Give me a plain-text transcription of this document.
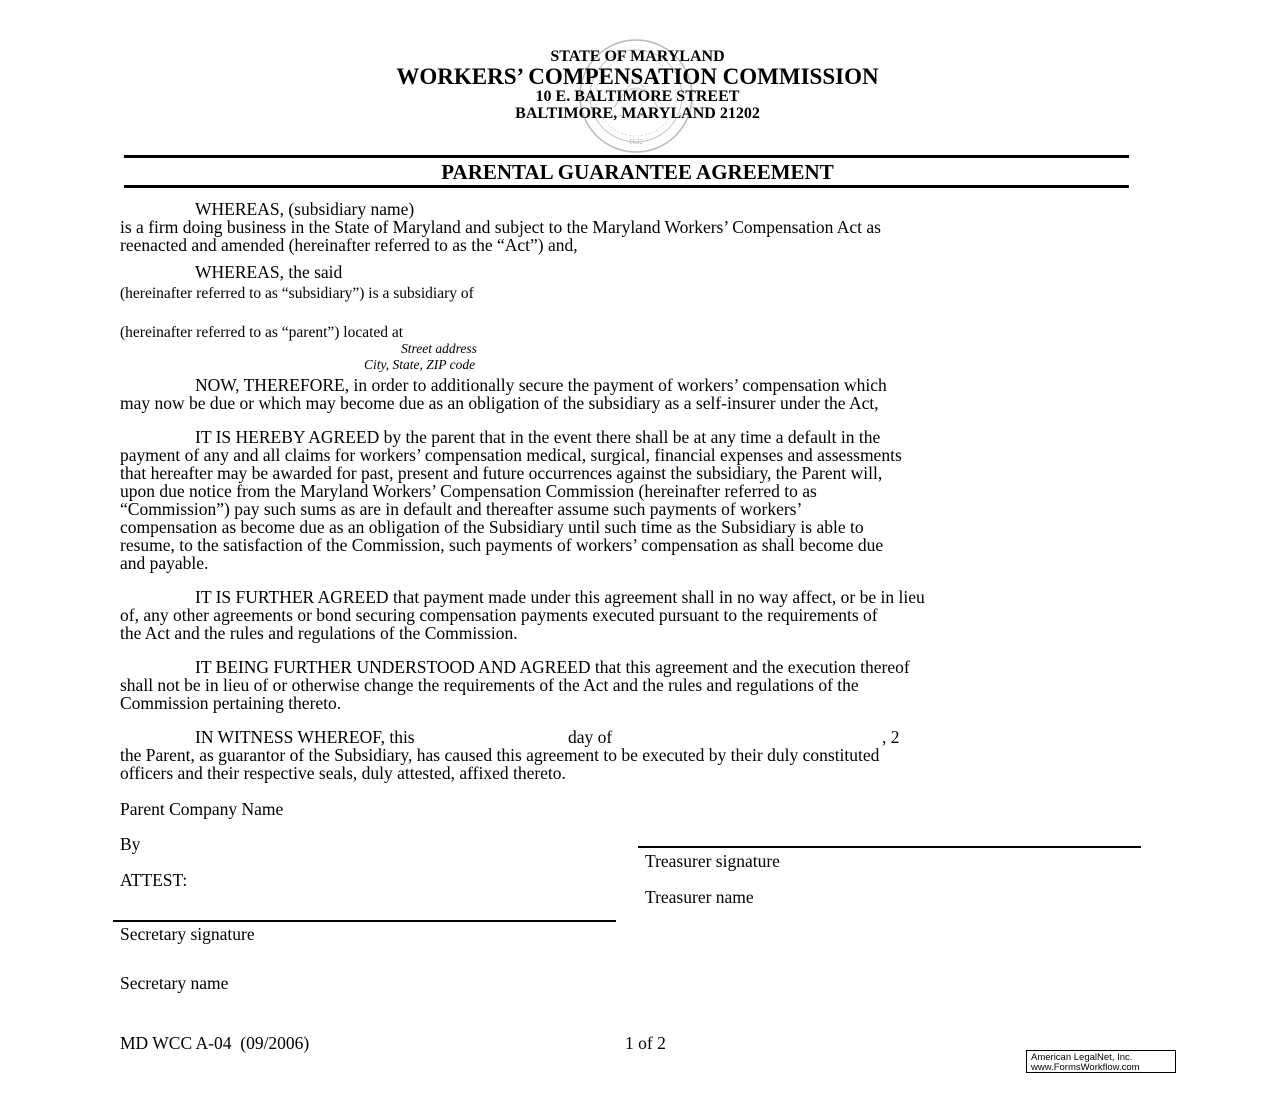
1632
STATE OF MARYLAND
WORKERS’ COMPENSATION COMMISSION
10 E. BALTIMORE STREET
BALTIMORE, MARYLAND 21202
PARENTAL GUARANTEE AGREEMENT
WHEREAS, (subsidiary name)
is a firm doing business in the State of Maryland and subject to the Maryland Workers’ Compensation Act as
reenacted and amended (hereinafter referred to as the “Act”) and,
WHEREAS, the said
(hereinafter referred to as “subsidiary”) is a subsidiary of
(hereinafter referred to as “parent”) located at
Street address
City, State, ZIP code
NOW, THEREFORE, in order to additionally secure the payment of workers’ compensation which
may now be due or which may become due as an obligation of the subsidiary as a self-insurer under the Act,
IT IS HEREBY AGREED by the parent that in the event there shall be at any time a default in the
payment of any and all claims for workers’ compensation medical, surgical, financial expenses and assessments
that hereafter may be awarded for past, present and future occurrences against the subsidiary, the Parent will,
upon due notice from the Maryland Workers’ Compensation Commission (hereinafter referred to as
“Commission”) pay such sums as are in default and thereafter assume such payments of workers’
compensation as become due as an obligation of the Subsidiary until such time as the Subsidiary is able to
resume, to the satisfaction of the Commission, such payments of workers’ compensation as shall become due
and payable.
IT IS FURTHER AGREED that payment made under this agreement shall in no way affect, or be in lieu
of, any other agreements or bond securing compensation payments executed pursuant to the requirements of
the Act and the rules and regulations of the Commission.
IT BEING FURTHER UNDERSTOOD AND AGREED that this agreement and the execution thereof
shall not be in lieu of or otherwise change the requirements of the Act and the rules and regulations of the
Commission pertaining thereto.
IN WITNESS WHEREOF, this	day of	, 2
the Parent, as guarantor of the Subsidiary, has caused this agreement to be executed by their duly constituted
officers and their respective seals, duly attested, affixed thereto.
Parent Company Name
By
Treasurer signature
ATTEST:
Treasurer name
Secretary signature
Secretary name
MD WCC A-04  (09/2006)	1 of 2
American LegalNet, Inc.
www.FormsWorkflow.com
